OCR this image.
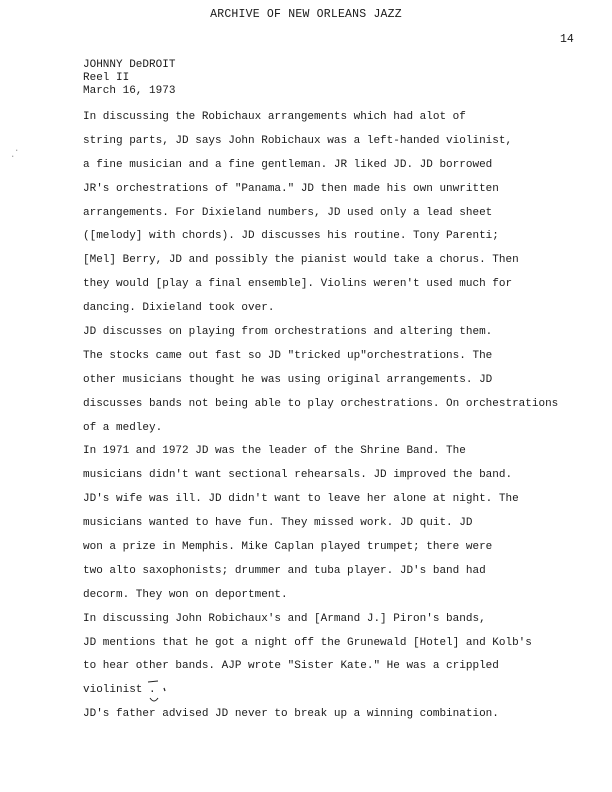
ARCHIVE OF NEW ORLEANS JAZZ
14
JOHNNY DeDROIT
Reel II
March 16, 1973
In discussing the Robichaux arrangements which had alot of
string parts, JD says John Robichaux was a left-handed violinist,
a fine musician and a fine gentleman. JR liked JD. JD borrowed
JR's orchestrations of "Panama." JD then made his own unwritten
arrangements. For Dixieland numbers, JD used only a lead sheet
([melody] with chords). JD discusses his routine. Tony Parenti;
[Mel] Berry, JD and possibly the pianist would take a chorus. Then
they would [play a final ensemble]. Violins weren't used much for
dancing. Dixieland took over.
JD discusses on playing from orchestrations and altering them.
The stocks came out fast so JD "tricked up"orchestrations. The
other musicians thought he was using original arrangements. JD
discusses bands not being able to play orchestrations. On orchestrations
of a medley.
In 1971 and 1972 JD was the leader of the Shrine Band. The
musicians didn't want sectional rehearsals. JD improved the band.
JD's wife was ill. JD didn't want to leave her alone at night. The
musicians wanted to have fun. They missed work. JD quit. JD
won a prize in Memphis. Mike Caplan played trumpet; there were
two alto saxophonists; drummer and tuba player. JD's band had
decorm. They won on deportment.
In discussing John Robichaux's and [Armand J.] Piron's bands,
JD mentions that he got a night off the Grunewald [Hotel] and Kolb's
to hear other bands. AJP wrote "Sister Kate." He was a crippled
violinist .
JD's father advised JD never to break up a winning combination.
·
·
